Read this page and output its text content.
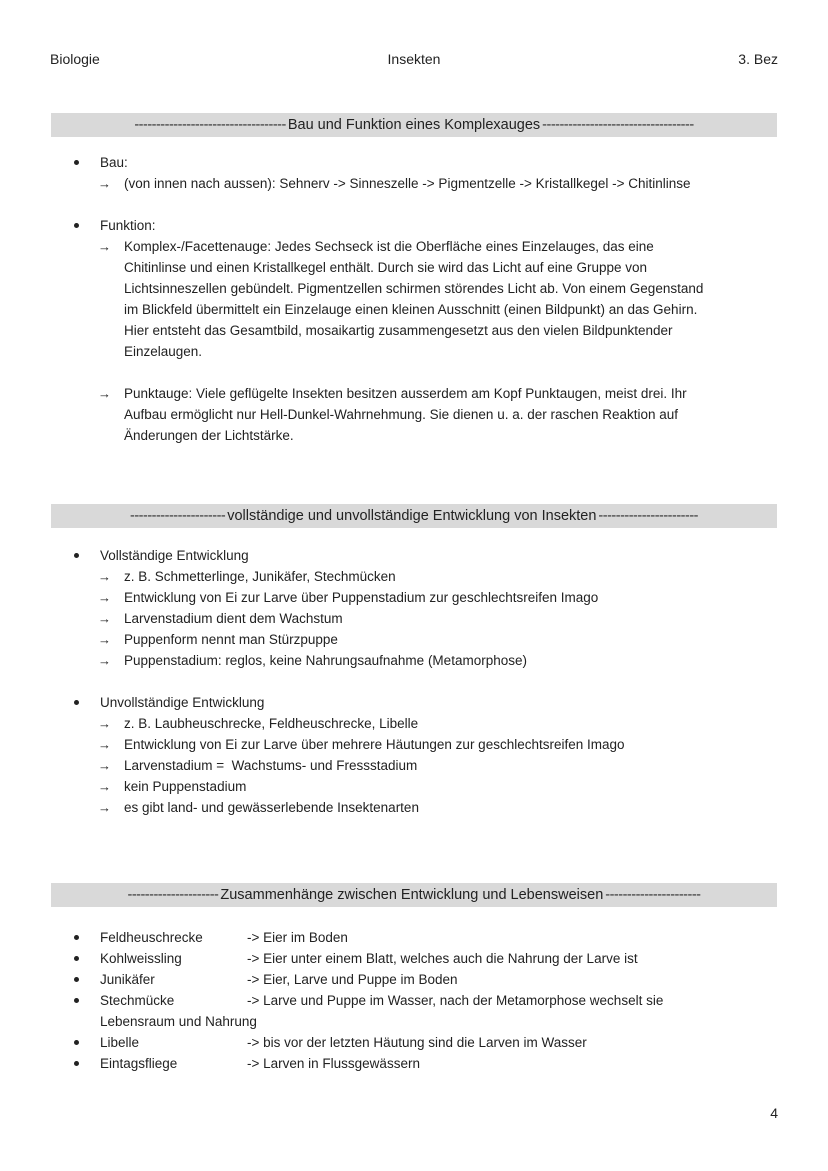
Biologie	Insekten	3. Bez
----------------------------------- Bau und Funktion eines Komplexauges -----------------------------------
Bau:
→ (von innen nach aussen): Sehnerv -> Sinneszelle -> Pigmentzelle -> Kristallkegel -> Chitinlinse
Funktion:
→ Komplex-/Facettenauge: Jedes Sechseck ist die Oberfläche eines Einzelauges, das eine
Chitinlinse und einen Kristallkegel enthält. Durch sie wird das Licht auf eine Gruppe von
Lichtsinneszellen gebündelt. Pigmentzellen schirmen störendes Licht ab. Von einem Gegenstand
im Blickfeld übermittelt ein Einzelauge einen kleinen Ausschnitt (einen Bildpunkt) an das Gehirn.
Hier entsteht das Gesamtbild, mosaikartig zusammengesetzt aus den vielen Bildpunktender
Einzelaugen.
→ Punktauge: Viele geflügelte Insekten besitzen ausserdem am Kopf Punktaugen, meist drei. Ihr
Aufbau ermöglicht nur Hell-Dunkel-Wahrnehmung. Sie dienen u. a. der raschen Reaktion auf
Änderungen der Lichtstärke.
---------------------- vollständige und unvollständige Entwicklung von Insekten -----------------------
Vollständige Entwicklung
→ z. B. Schmetterlinge, Junikäfer, Stechmücken
→ Entwicklung von Ei zur Larve über Puppenstadium zur geschlechtsreifen Imago
→ Larvenstadium dient dem Wachstum
→ Puppenform nennt man Stürzpuppe
→ Puppenstadium: reglos, keine Nahrungsaufnahme (Metamorphose)
Unvollständige Entwicklung
→ z. B. Laubheuschrecke, Feldheuschrecke, Libelle
→ Entwicklung von Ei zur Larve über mehrere Häutungen zur geschlechtsreifen Imago
→ Larvenstadium =  Wachstums- und Fressstadium
→ kein Puppenstadium
→ es gibt land- und gewässerlebende Insektenarten
--------------------- Zusammenhänge zwischen Entwicklung und Lebensweisen ----------------------
Feldheuschrecke	-> Eier im Boden
Kohlweissling	-> Eier unter einem Blatt, welches auch die Nahrung der Larve ist
Junikäfer	-> Eier, Larve und Puppe im Boden
Stechmücke	-> Larve und Puppe im Wasser, nach der Metamorphose wechselt sie
Lebensraum und Nahrung
Libelle	-> bis vor der letzten Häutung sind die Larven im Wasser
Eintagsfliege	-> Larven in Flussgewässern
4
